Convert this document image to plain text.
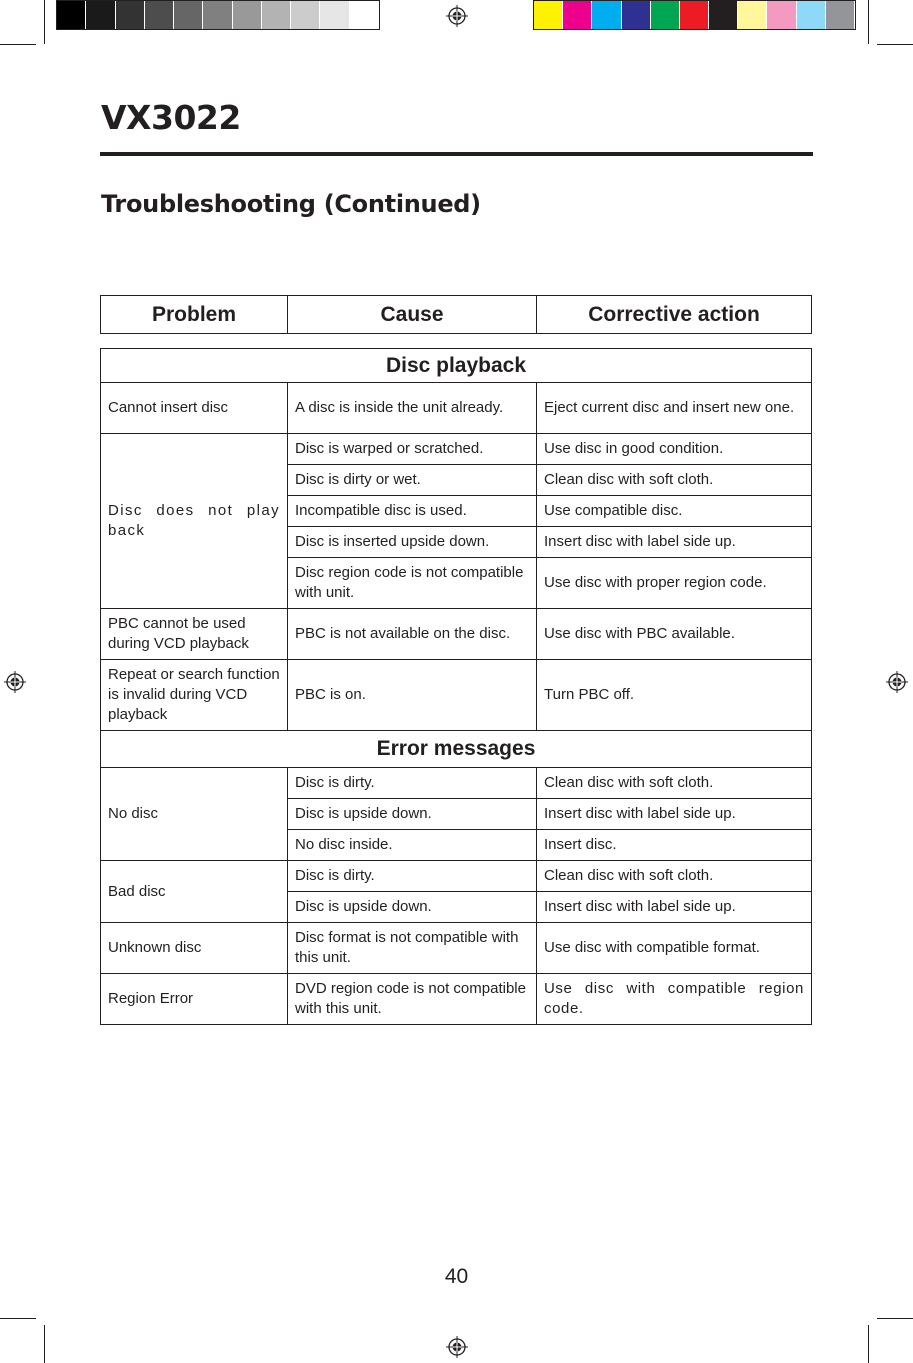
VX3022
Troubleshooting (Continued)
Problem	Cause	Corrective action
Disc playback		
Cannot insert disc	A disc is inside the unit already.	Eject current disc and insert new one.
Disc does not play back	Disc is warped or scratched.	Use disc in good condition.
	Disc is dirty or wet.	Clean disc with soft cloth.
	Incompatible disc is used.	Use compatible disc.
	Disc is inserted upside down.	Insert disc with label side up.
	Disc region code is not compatible with unit.	Use disc with proper region code.
PBC cannot be used during VCD playback	PBC is not available on the disc.	Use disc with PBC available.
Repeat or search function is invalid during VCD playback	PBC is on.	Turn PBC off.
Error messages		
No disc	Disc is dirty.	Clean disc with soft cloth.
	Disc is upside down.	Insert disc with label side up.
	No disc inside.	Insert disc.
Bad disc	Disc is dirty.	Clean disc with soft cloth.
	Disc is upside down.	Insert disc with label side up.
Unknown disc	Disc format is not compatible with this unit.	Use disc with compatible format.
Region Error	DVD region code is not compatible with this unit.	Use disc with compatible region code.
40
